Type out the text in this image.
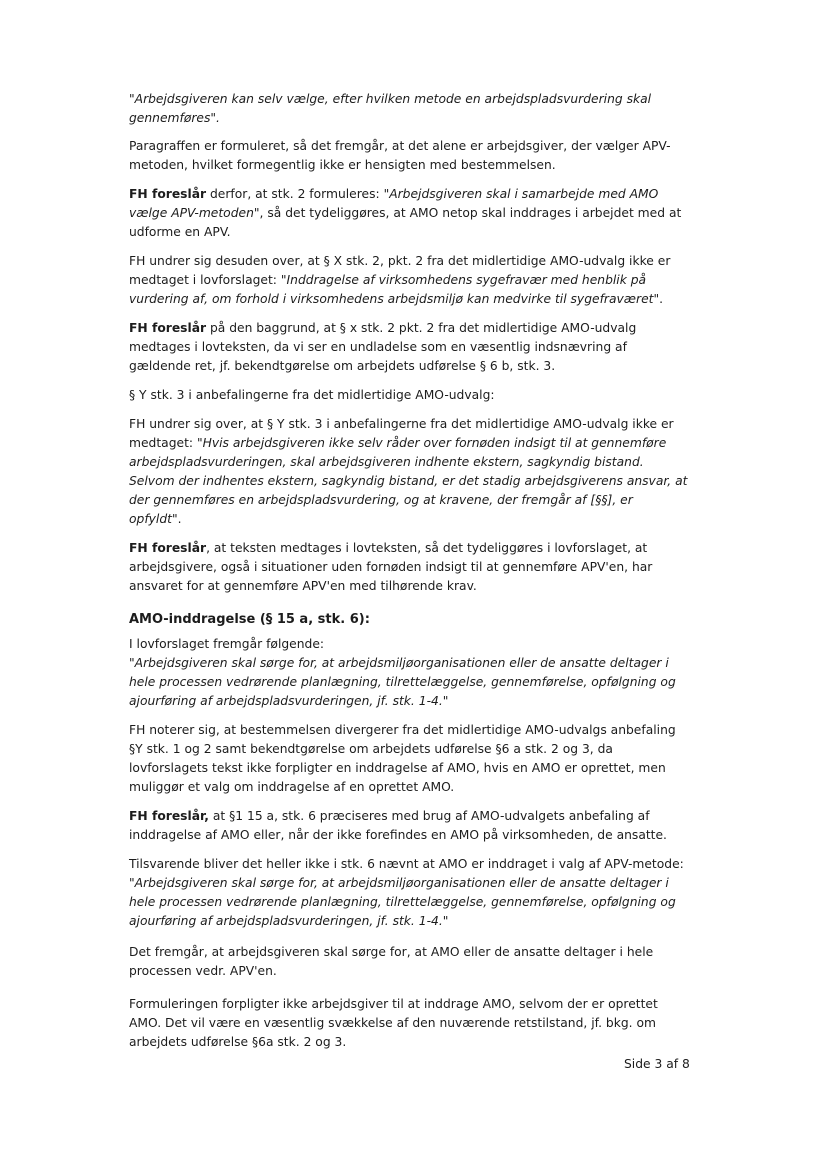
"Arbejdsgiveren kan selv vælge, efter hvilken metode en arbejdspladsvurdering skal gennemføres".

Paragraffen er formuleret, så det fremgår, at det alene er arbejdsgiver, der vælger APV-metoden, hvilket formegentlig ikke er hensigten med bestemmelsen.

FH foreslår derfor, at stk. 2 formuleres: "Arbejdsgiveren skal i samarbejde med AMO vælge APV-metoden", så det tydeliggøres, at AMO netop skal inddrages i arbejdet med at udforme en APV.

FH undrer sig desuden over, at § X stk. 2, pkt. 2 fra det midlertidige AMO-udvalg ikke er medtaget i lovforslaget: "Inddragelse af virksomhedens sygefravær med henblik på vurdering af, om forhold i virksomhedens arbejdsmiljø kan medvirke til sygefraværet".

FH foreslår på den baggrund, at § x stk. 2 pkt. 2 fra det midlertidige AMO-udvalg medtages i lovteksten, da vi ser en undladelse som en væsentlig indsnævring af gældende ret, jf. bekendtgørelse om arbejdets udførelse § 6 b, stk. 3.

§ Y stk. 3 i anbefalingerne fra det midlertidige AMO-udvalg:

FH undrer sig over, at § Y stk. 3 i anbefalingerne fra det midlertidige AMO-udvalg ikke er medtaget: "Hvis arbejdsgiveren ikke selv råder over fornøden indsigt til at gennemføre arbejdspladsvurderingen, skal arbejdsgiveren indhente ekstern, sagkyndig bistand. Selvom der indhentes ekstern, sagkyndig bistand, er det stadig arbejdsgiverens ansvar, at der gennemføres en arbejdspladsvurdering, og at kravene, der fremgår af [§§], er opfyldt".

FH foreslår, at teksten medtages i lovteksten, så det tydeliggøres i lovforslaget, at arbejdsgivere, også i situationer uden fornøden indsigt til at gennemføre APV'en, har ansvaret for at gennemføre APV'en med tilhørende krav.

AMO-inddragelse (§ 15 a, stk. 6):

I lovforslaget fremgår følgende:
"Arbejdsgiveren skal sørge for, at arbejdsmiljøorganisationen eller de ansatte deltager i hele processen vedrørende planlægning, tilrettelæggelse, gennemførelse, opfølgning og ajourføring af arbejdspladsvurderingen, jf. stk. 1-4."

FH noterer sig, at bestemmelsen divergerer fra det midlertidige AMO-udvalgs anbefaling §Y stk. 1 og 2 samt bekendtgørelse om arbejdets udførelse §6 a stk. 2 og 3, da lovforslagets tekst ikke forpligter en inddragelse af AMO, hvis en AMO er oprettet, men muliggør et valg om inddragelse af en oprettet AMO.

FH foreslår, at §1 15 a, stk. 6 præciseres med brug af AMO-udvalgets anbefaling af inddragelse af AMO eller, når der ikke forefindes en AMO på virksomheden, de ansatte.

Tilsvarende bliver det heller ikke i stk. 6 nævnt at AMO er inddraget i valg af APV-metode:
"Arbejdsgiveren skal sørge for, at arbejdsmiljøorganisationen eller de ansatte deltager i hele processen vedrørende planlægning, tilrettelæggelse, gennemførelse, opfølgning og ajourføring af arbejdspladsvurderingen, jf. stk. 1-4."

Det fremgår, at arbejdsgiveren skal sørge for, at AMO eller de ansatte deltager i hele processen vedr. APV'en.

Formuleringen forpligter ikke arbejdsgiver til at inddrage AMO, selvom der er oprettet AMO. Det vil være en væsentlig svækkelse af den nuværende retstilstand, jf. bkg. om arbejdets udførelse §6a stk. 2 og 3.

Side 3 af 8
